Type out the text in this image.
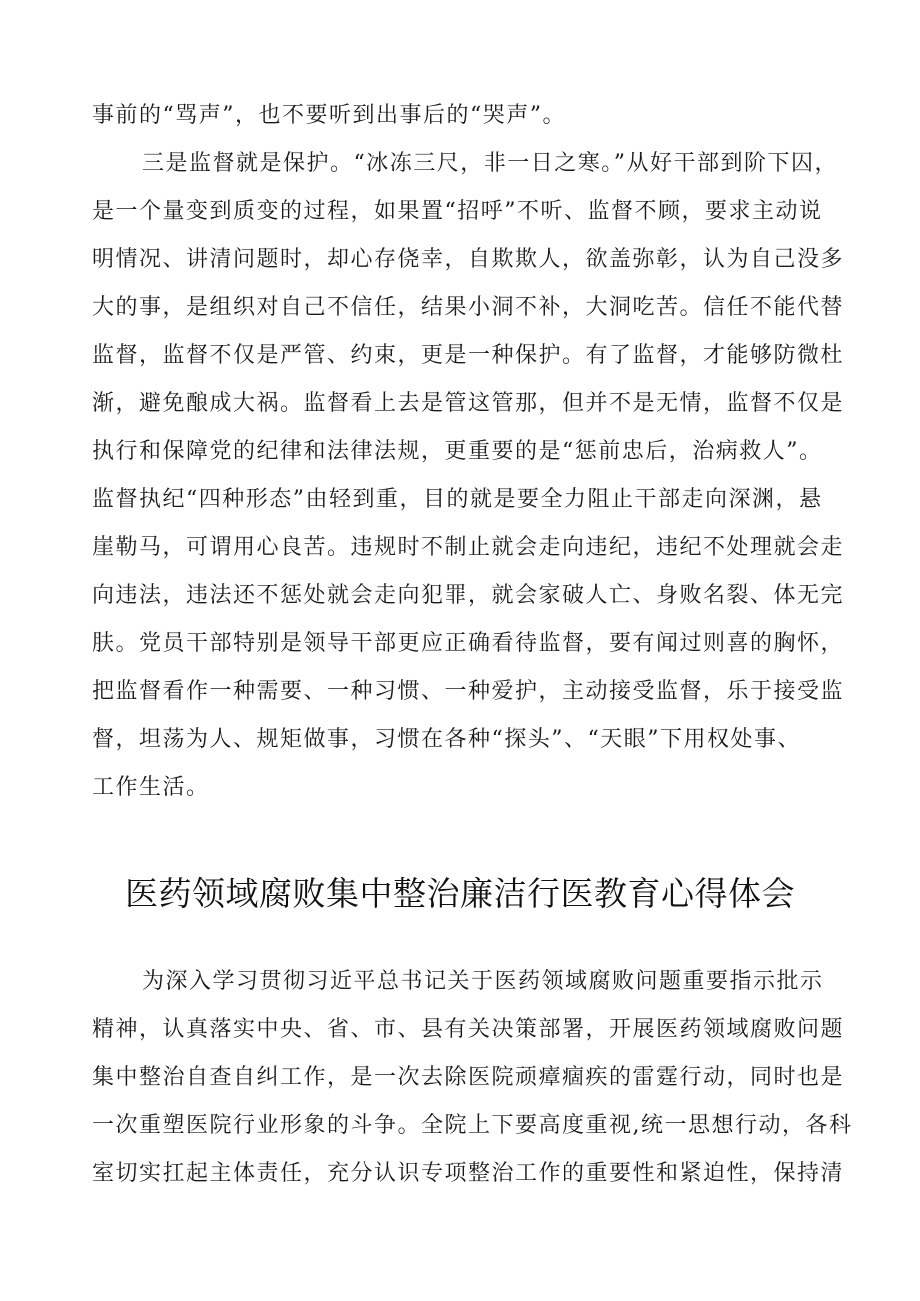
事前的“骂声”，也不要听到出事后的“哭声”。
三是监督就是保护。“冰冻三尺，非一日之寒。”从好干部到阶下囚，
是一个量变到质变的过程，如果置“招呼”不听、监督不顾，要求主动说
明情况、讲清问题时，却心存侥幸，自欺欺人，欲盖弥彰，认为自己没多
大的事，是组织对自己不信任，结果小洞不补，大洞吃苦。信任不能代替
监督，监督不仅是严管、约束，更是一种保护。有了监督，才能够防微杜
渐，避免酿成大祸。监督看上去是管这管那，但并不是无情，监督不仅是
执行和保障党的纪律和法律法规，更重要的是“惩前忠后，治病救人”。
监督执纪“四种形态”由轻到重，目的就是要全力阻止干部走向深渊，悬
崖勒马，可谓用心良苦。违规时不制止就会走向违纪，违纪不处理就会走
向违法，违法还不惩处就会走向犯罪，就会家破人亡、身败名裂、体无完
肤。党员干部特别是领导干部更应正确看待监督，要有闻过则喜的胸怀，
把监督看作一种需要、一种习惯、一种爱护，主动接受监督，乐于接受监
督，坦荡为人、规矩做事，习惯在各种“探头”、“天眼”下用权处事、
工作生活。
医药领域腐败集中整治廉洁行医教育心得体会
为深入学习贯彻习近平总书记关于医药领域腐败问题重要指示批示
精神，认真落实中央、省、市、县有关决策部署，开展医药领域腐败问题
集中整治自查自纠工作，是一次去除医院顽瘴痼疾的雷霆行动，同时也是
一次重塑医院行业形象的斗争。全院上下要高度重视,统一思想行动，各科
室切实扛起主体责任，充分认识专项整治工作的重要性和紧迫性，保持清
